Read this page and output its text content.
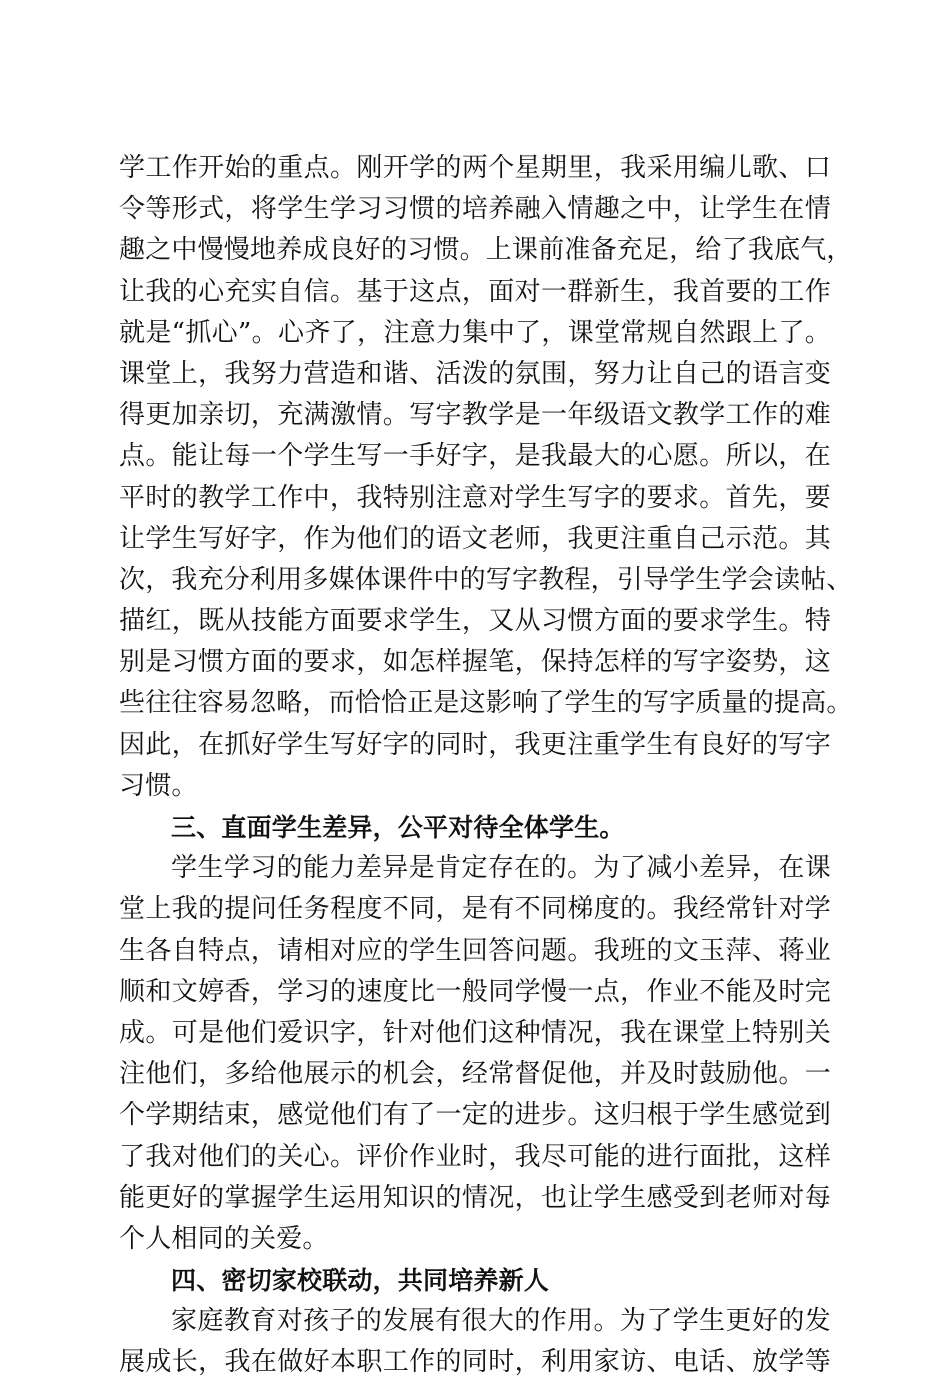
学工作开始的重点。刚开学的两个星期里，我采用编儿歌、口
令等形式，将学生学习习惯的培养融入情趣之中，让学生在情
趣之中慢慢地养成良好的习惯。上课前准备充足，给了我底气，
让我的心充实自信。基于这点，面对一群新生，我首要的工作
就是“抓心”。心齐了，注意力集中了，课堂常规自然跟上了。
课堂上，我努力营造和谐、活泼的氛围，努力让自己的语言变
得更加亲切，充满激情。写字教学是一年级语文教学工作的难
点。能让每一个学生写一手好字，是我最大的心愿。所以，在
平时的教学工作中，我特别注意对学生写字的要求。首先，要
让学生写好字，作为他们的语文老师，我更注重自己示范。其
次，我充分利用多媒体课件中的写字教程，引导学生学会读帖、
描红，既从技能方面要求学生，又从习惯方面的要求学生。特
别是习惯方面的要求，如怎样握笔，保持怎样的写字姿势，这
些往往容易忽略，而恰恰正是这影响了学生的写字质量的提高。
因此，在抓好学生写好字的同时，我更注重学生有良好的写字
习惯。
三、直面学生差异，公平对待全体学生。
学生学习的能力差异是肯定存在的。为了减小差异，在课
堂上我的提问任务程度不同，是有不同梯度的。我经常针对学
生各自特点，请相对应的学生回答问题。我班的文玉萍、蒋业
顺和文婷香，学习的速度比一般同学慢一点，作业不能及时完
成。可是他们爱识字，针对他们这种情况，我在课堂上特别关
注他们，多给他展示的机会，经常督促他，并及时鼓励他。一
个学期结束，感觉他们有了一定的进步。这归根于学生感觉到
了我对他们的关心。评价作业时，我尽可能的进行面批，这样
能更好的掌握学生运用知识的情况，也让学生感受到老师对每
个人相同的关爱。
四、密切家校联动，共同培养新人
家庭教育对孩子的发展有很大的作用。为了学生更好的发
展成长，我在做好本职工作的同时，利用家访、电话、放学等
